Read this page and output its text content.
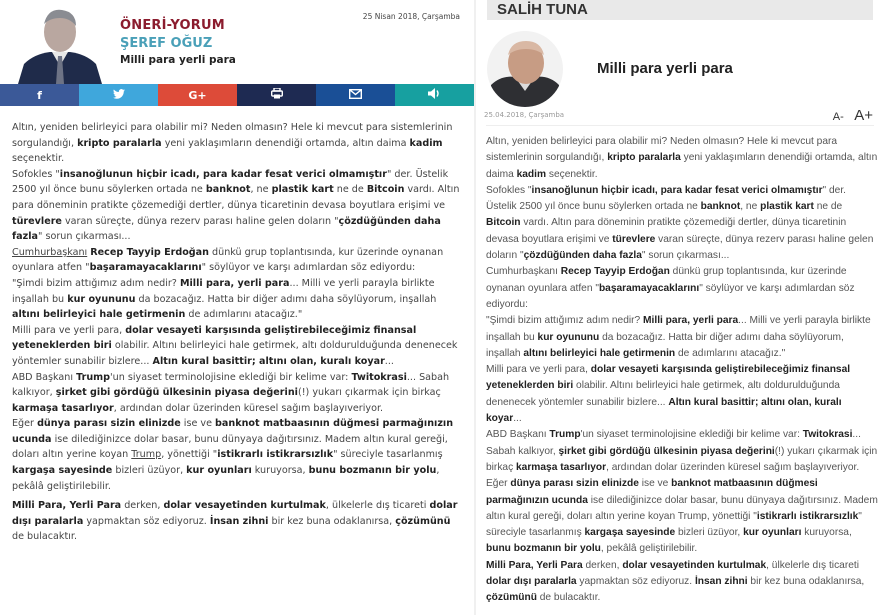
ÖNERİ-YORUM
ŞEREF OĞUZ
Milli para yerli para
25 Nisan 2018, Çarşamba
f	G+

Altın, yeniden belirleyici para olabilir mi? Neden olmasın? Hele ki mevcut para sistemlerinin sorgulandığı, kripto paralarla yeni yaklaşımların denendiği ortamda, altın daima kadim seçenektir.

Sofokles "insanoğlunun hiçbir icadı, para kadar fesat verici olmamıştır" der. Üstelik 2500 yıl önce bunu söylerken ortada ne banknot, ne plastik kart ne de Bitcoin vardı. Altın para döneminin pratikte çözemediği dertler, dünya ticaretinin devasa boyutlara erişimi ve türevlere varan süreçte, dünya rezerv parası haline gelen doların "çözdüğünden daha fazla" sorun çıkarması...

Cumhurbaşkanı Recep Tayyip Erdoğan dünkü grup toplantısında, kur üzerinde oynanan oyunlara atfen "başaramayacaklarını" söylüyor ve karşı adımlardan söz ediyordu:

"Şimdi bizim attığımız adım nedir? Milli para, yerli para... Milli ve yerli parayla birlikte inşallah bu kur oyununu da bozacağız. Hatta bir diğer adımı daha söylüyorum, inşallah altını belirleyici hale getirmenin de adımlarını atacağız."

Milli para ve yerli para, dolar vesayeti karşısında geliştirebileceğimiz finansal yeteneklerden biri olabilir. Altını belirleyici hale getirmek, altı doldurulduğunda denenecek yöntemler sunabilir bizlere... Altın kural basittir; altını olan, kuralı koyar...

ABD Başkanı Trump'un siyaset terminolojisine eklediği bir kelime var: Twitokrasi... Sabah kalkıyor, şirket gibi gördüğü ülkesinin piyasa değerini(!) yukarı çıkarmak için birkaç karmaşa tasarlıyor, ardından dolar üzerinden küresel sağım başlayıveriyor.

Eğer dünya parası sizin elinizde ise ve banknot matbaasının düğmesi parmağınızın ucunda ise dilediğinizce dolar basar, bunu dünyaya dağıtırsınız. Madem altın kural gereği, doları altın yerine koyan Trump, yönettiği "istikrarlı istikrarsızlık" süreciyle tasarlanmış kargaşa sayesinde bizleri üzüyor, kur oyunları kuruyorsa, bunu bozmanın bir yolu, pekâlâ geliştirilebilir.

Milli Para, Yerli Para derken, dolar vesayetinden kurtulmak, ülkelerle dış ticareti dolar dışı paralarla yapmaktan söz ediyoruz. İnsan zihni bir kez buna odaklanırsa, çözümünü de bulacaktır.

SALİH TUNA
Milli para yerli para
25.04.2018, Çarşamba	A- A+

Altın, yeniden belirleyici para olabilir mi? Neden olmasın? Hele ki mevcut para sistemlerinin sorgulandığı, kripto paralarla yeni yaklaşımların denendiği ortamda, altın daima kadim seçenektir.

Sofokles "insanoğlunun hiçbir icadı, para kadar fesat verici olmamıştır" der. Üstelik 2500 yıl önce bunu söylerken ortada ne banknot, ne plastik kart ne de Bitcoin vardı. Altın para döneminin pratikte çözemediği dertler, dünya ticaretinin devasa boyutlara erişimi ve türevlere varan süreçte, dünya rezerv parası haline gelen doların "çözdüğünden daha fazla" sorun çıkarması...

Cumhurbaşkanı Recep Tayyip Erdoğan dünkü grup toplantısında, kur üzerinde oynanan oyunlara atfen "başaramayacaklarını" söylüyor ve karşı adımlardan söz ediyordu:

"Şimdi bizim attığımız adım nedir? Milli para, yerli para... Milli ve yerli parayla birlikte inşallah bu kur oyununu da bozacağız. Hatta bir diğer adımı daha söylüyorum, inşallah altını belirleyici hale getirmenin de adımlarını atacağız."

Milli para ve yerli para, dolar vesayeti karşısında geliştirebileceğimiz finansal yeteneklerden biri olabilir. Altını belirleyici hale getirmek, altı doldurulduğunda denenecek yöntemler sunabilir bizlere... Altın kural basittir; altını olan, kuralı koyar...

ABD Başkanı Trump'un siyaset terminolojisine eklediği bir kelime var: Twitokrasi... Sabah kalkıyor, şirket gibi gördüğü ülkesinin piyasa değerini(!) yukarı çıkarmak için birkaç karmaşa tasarlıyor, ardından dolar üzerinden küresel sağım başlayıveriyor.

Eğer dünya parası sizin elinizde ise ve banknot matbaasının düğmesi parmağınızın ucunda ise dilediğinizce dolar basar, bunu dünyaya dağıtırsınız. Madem altın kural gereği, doları altın yerine koyan Trump, yönettiği "istikrarlı istikrarsızlık" süreciyle tasarlanmış kargaşa sayesinde bizleri üzüyor, kur oyunları kuruyorsa, bunu bozmanın bir yolu, pekâlâ geliştirilebilir.

Milli Para, Yerli Para derken, dolar vesayetinden kurtulmak, ülkelerle dış ticareti dolar dışı paralarla yapmaktan söz ediyoruz. İnsan zihni bir kez buna odaklanırsa, çözümünü de bulacaktır.
